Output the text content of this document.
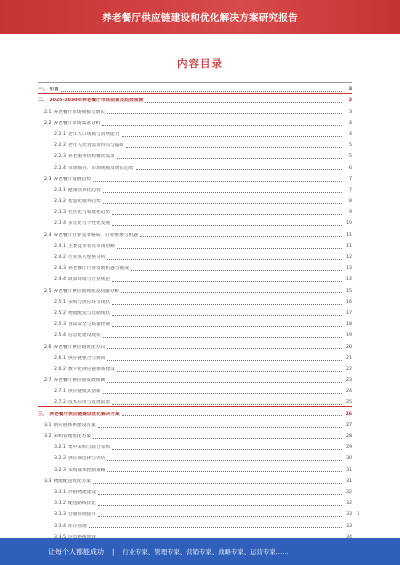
养老餐厅供应链建设和优化解决方案研究报告
内容目录
一、 引言	3
二、 2025-2030年养老餐厅市场前景及趋势预测	3
2.1 养老餐厅市场规模与增长	3
2.2 养老餐厅市场需求分析	4
2.2.1 老年人口规模与消费能力	4
2.2.2 老年人饮食需求特点与偏好	5
2.2.3 养老服务机构餐饮需求	5
2.2.4 市场细分、市场规模及增长趋势	6
2.3 养老餐厅发展趋势	7
2.3.1 健康营养化趋势	7
2.3.2 智慧化服务趋势	8
2.3.3 社区化与家庭化趋势	9
2.3.4 多元化与个性化发展	10
2.4 养老餐厅行业竞争格局、行业壁垒与机遇	11
2.4.1 主要竞争者及市场份额	11
2.4.2 行业进入壁垒分析	12
2.4.3 养老餐厅行业发展机遇与挑战	13
2.4.4 政策环境与行业规范	14
2.5 养老餐厅供应链现状及问题分析	15
2.5.1 采购与供应环节现状	16
2.5.2 物流配送与仓储现状	17
2.5.3 食品安全与质量控制	18
2.5.4 信息化建设现状	19
2.6 养老餐厅供应链优化方向	20
2.6.1 供应链整合与协同	21
2.6.2 数字化供应链体系建设	22
2.7 养老餐厅供应链发展预测	23
2.7.1 供应链模式创新	24
2.7.2 技术应用与发展前景	25
三、 养老餐厅供应链建设优化解决方案	26
3.1 供应链体系建设方案	27
3.2 采购管理优化方案	28
3.2.1 集中采购与联合采购	29
3.2.2 供应商选择与评估	30
3.2.3 采购成本控制策略	31
3.3 物流配送优化方案	31
3.3.1 冷链物流建设	32
3.3.2 配送路线优化	32
3.3.3 仓储管理提升	33
3.3.4 库存管理	33
1
让每个人都能成功 | 行业专家、管理专家、营销专家、战略专家、运营专家……
